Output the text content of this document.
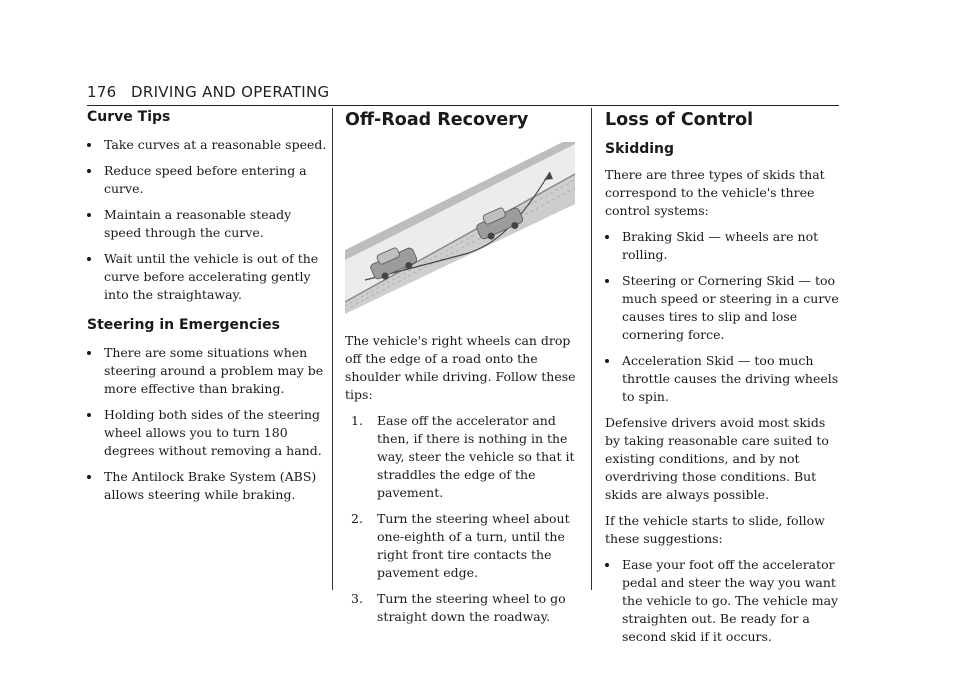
176 DRIVING AND OPERATING
Curve Tips
Take curves at a reasonable speed.
Reduce speed before entering a curve.
Maintain a reasonable steady speed through the curve.
Wait until the vehicle is out of the curve before accelerating gently into the straightaway.
Steering in Emergencies
There are some situations when steering around a problem may be more effective than braking.
Holding both sides of the steering wheel allows you to turn 180 degrees without removing a hand.
The Antilock Brake System (ABS) allows steering while braking.
Off-Road Recovery

The vehicle's right wheels can drop off the edge of a road onto the shoulder while driving. Follow these tips:

1. Ease off the accelerator and then, if there is nothing in the way, steer the vehicle so that it straddles the edge of the pavement.
2. Turn the steering wheel about one-eighth of a turn, until the right front tire contacts the pavement edge.
3. Turn the steering wheel to go straight down the roadway.
Loss of Control
Skidding

There are three types of skids that correspond to the vehicle's three control systems:

Braking Skid — wheels are not rolling.
Steering or Cornering Skid — too much speed or steering in a curve causes tires to slip and lose cornering force.
Acceleration Skid — too much throttle causes the driving wheels to spin.

Defensive drivers avoid most skids by taking reasonable care suited to existing conditions, and by not overdriving those conditions. But skids are always possible.

If the vehicle starts to slide, follow these suggestions:

Ease your foot off the accelerator pedal and steer the way you want the vehicle to go. The vehicle may straighten out. Be ready for a second skid if it occurs.
